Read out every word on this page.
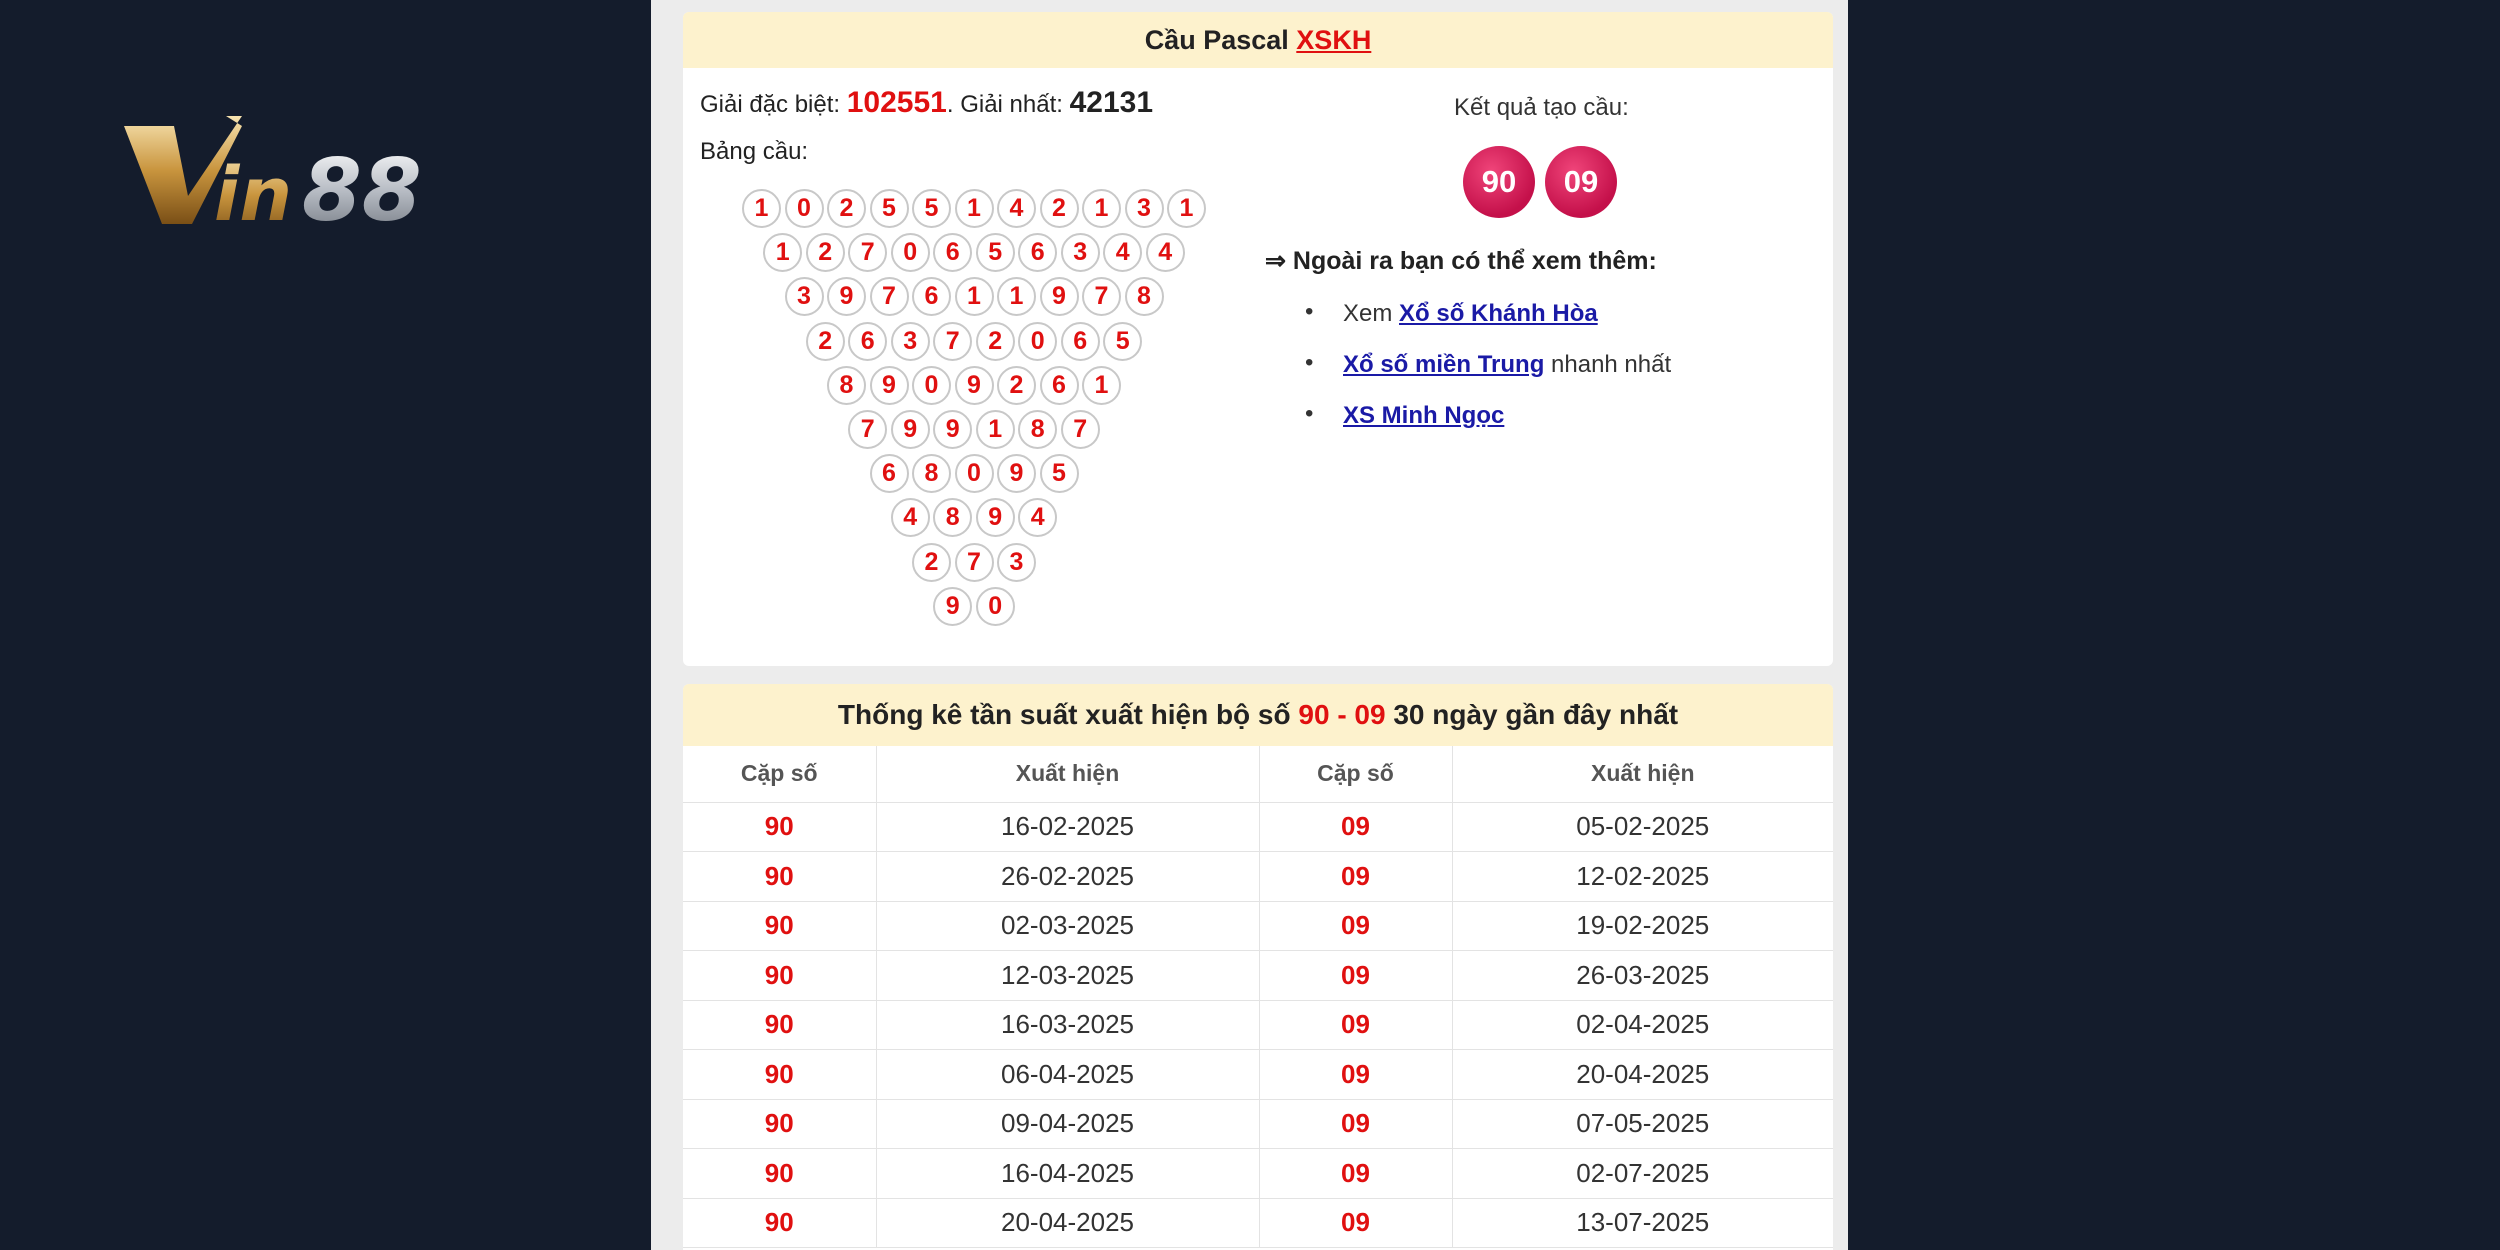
in 88
Cầu Pascal XSKH
Giải đặc biệt: 102551. Giải nhất: 42131
Bảng cầu:
1	0	2	5	5	1	4	2	1	3	1
1	2	7	0	6	5	6	3	4	4
3	9	7	6	1	1	9	7	8
2	6	3	7	2	0	6	5
8	9	0	9	2	6	1
7	9	9	1	8	7
6	8	0	9	5
4	8	9	4
2	7	3
9	0
Kết quả tạo cầu:
90	09
⇒ Ngoài ra bạn có thể xem thêm:
• Xem Xổ số Khánh Hòa
• Xổ số miền Trung nhanh nhất
• XS Minh Ngọc
Thống kê tần suất xuất hiện bộ số 90 - 09 30 ngày gần đây nhất
Cặp số	Xuất hiện	Cặp số	Xuất hiện
90	16-02-2025	09	05-02-2025
90	26-02-2025	09	12-02-2025
90	02-03-2025	09	19-02-2025
90	12-03-2025	09	26-03-2025
90	16-03-2025	09	02-04-2025
90	06-04-2025	09	20-04-2025
90	09-04-2025	09	07-05-2025
90	16-04-2025	09	02-07-2025
90	20-04-2025	09	13-07-2025
